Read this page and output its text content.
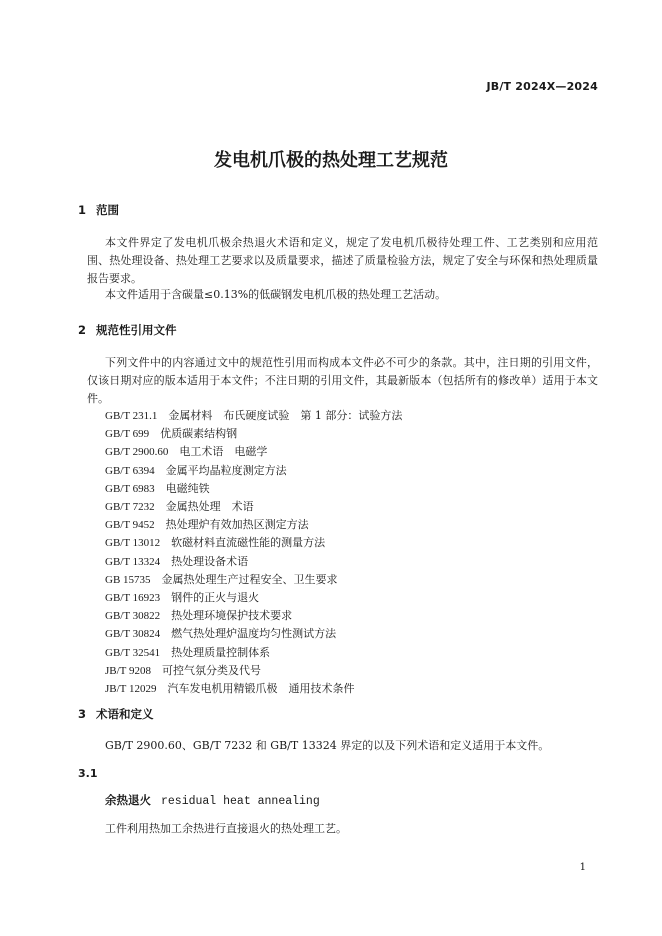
JB/T 2024X—2024
发电机爪极的热处理工艺规范
1 范围
本文件界定了发电机爪极余热退火术语和定义，规定了发电机爪极待处理工件、工艺类别和应用范围、热处理设备、热处理工艺要求以及质量要求，描述了质量检验方法，规定了安全与环保和热处理质量报告要求。
本文件适用于含碳量≤0.13%的低碳钢发电机爪极的热处理工艺活动。
2 规范性引用文件
下列文件中的内容通过文中的规范性引用而构成本文件必不可少的条款。其中，注日期的引用文件，仅该日期对应的版本适用于本文件；不注日期的引用文件，其最新版本（包括所有的修改单）适用于本文件。
GB/T 231.1　 金属材料　布氏硬度试验　第 1 部分：试验方法
GB/T 699　 优质碳素结构钢
GB/T 2900.60　 电工术语　电磁学
GB/T 6394　 金属平均晶粒度测定方法
GB/T 6983　 电磁纯铁
GB/T 7232　 金属热处理　术语
GB/T 9452　 热处理炉有效加热区测定方法
GB/T 13012　 软磁材料直流磁性能的测量方法
GB/T 13324　 热处理设备术语
GB 15735　 金属热处理生产过程安全、卫生要求
GB/T 16923　 钢件的正火与退火
GB/T 30822　 热处理环境保护技术要求
GB/T 30824　 燃气热处理炉温度均匀性测试方法
GB/T 32541　 热处理质量控制体系
JB/T 9208　 可控气氛分类及代号
JB/T 12029　 汽车发电机用精锻爪极　通用技术条件
3 术语和定义
GB/T 2900.60、GB/T 7232 和 GB/T 13324 界定的以及下列术语和定义适用于本文件。
3.1
余热退火 residual heat annealing
工件利用热加工余热进行直接退火的热处理工艺。
1
